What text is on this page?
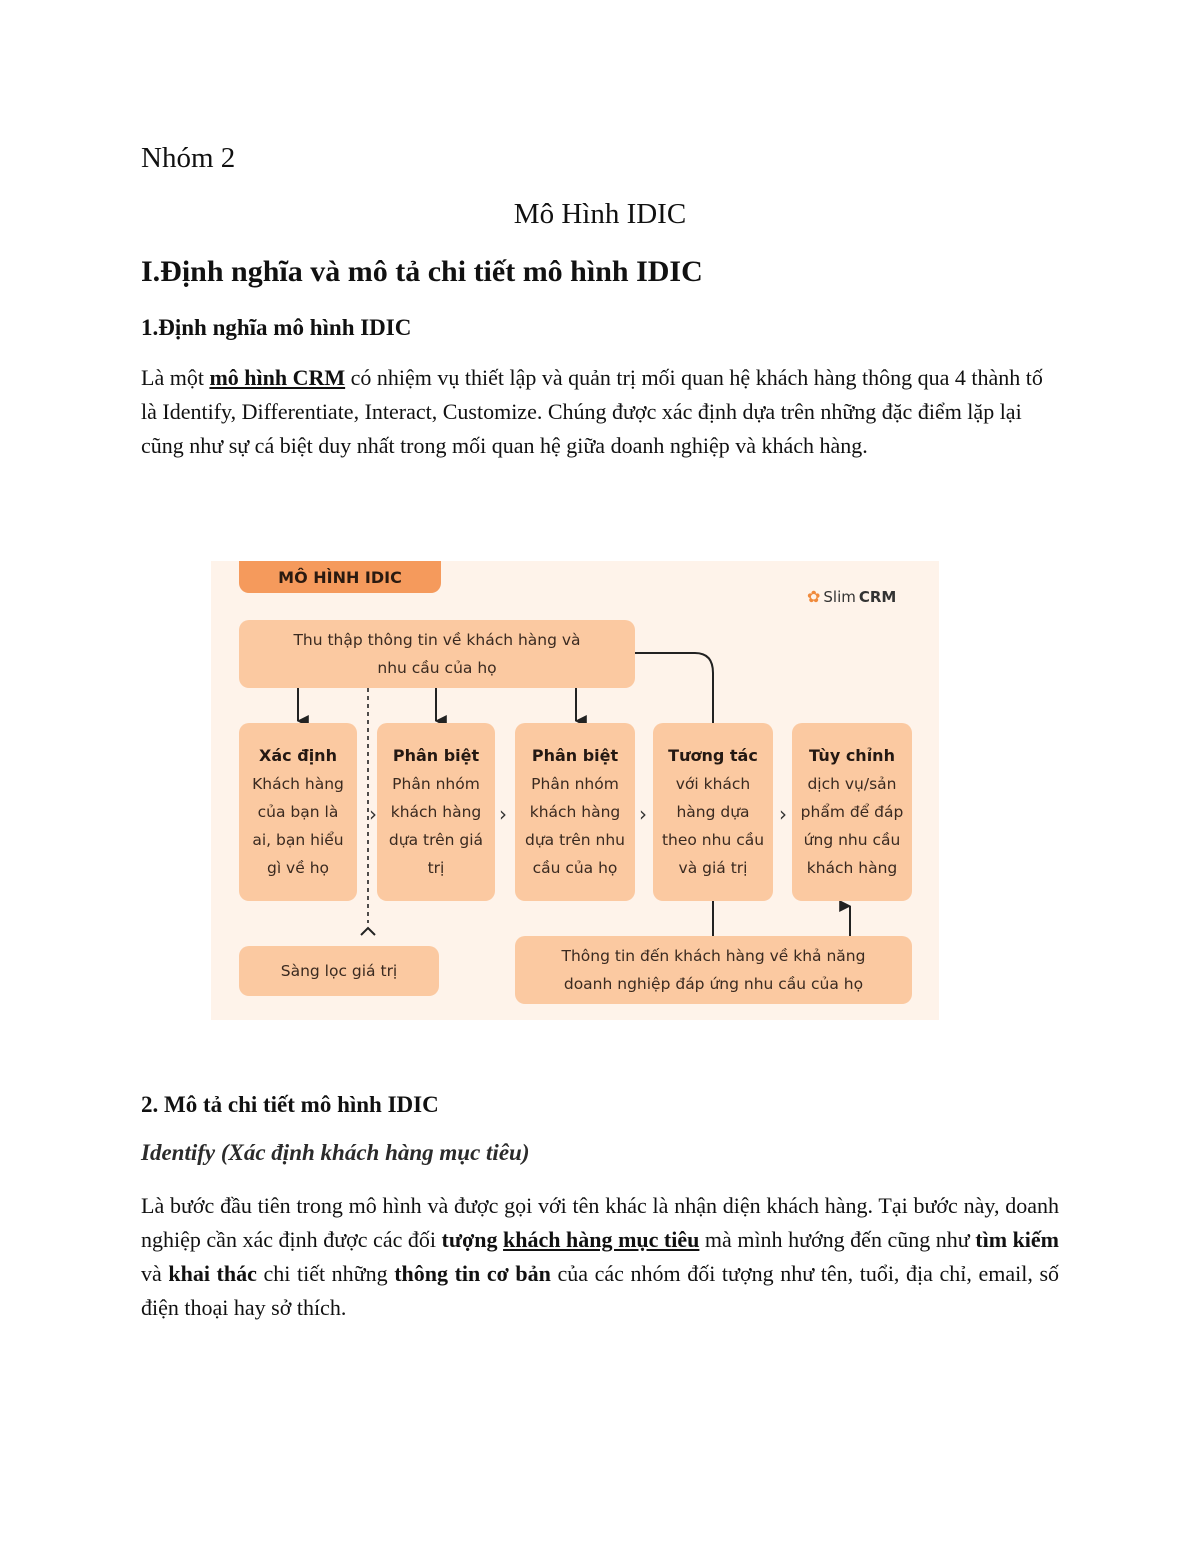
Nhóm 2
Mô Hình IDIC
I.Định nghĩa và mô tả chi tiết mô hình IDIC
1.Định nghĩa mô hình IDIC
Là một mô hình CRM có nhiệm vụ thiết lập và quản trị mối quan hệ khách hàng thông qua 4 thành tố là Identify, Differentiate, Interact, Customize. Chúng được xác định dựa trên những đặc điểm lặp lại cũng như sự cá biệt duy nhất trong mối quan hệ giữa doanh nghiệp và khách hàng.
MÔ HÌNH IDIC
✿ Slim CRM
Thu thập thông tin về khách hàng và
nhu cầu của họ
Xác định
Khách hàng
của bạn là
ai, bạn hiểu
gì về họ
Phân biệt
Phân nhóm
khách hàng
dựa trên giá
trị
Phân biệt
Phân nhóm
khách hàng
dựa trên nhu
cầu của họ
Tương tác
với khách
hàng dựa
theo nhu cầu
và giá trị
Tùy chỉnh
dịch vụ/sản
phẩm để đáp
ứng nhu cầu
khách hàng
›	›	›	›
Sàng lọc giá trị
Thông tin đến khách hàng về khả năng
doanh nghiệp đáp ứng nhu cầu của họ
2. Mô tả chi tiết mô hình IDIC
Identify (Xác định khách hàng mục tiêu)
Là bước đầu tiên trong mô hình và được gọi với tên khác là nhận diện khách hàng. Tại bước này, doanh nghiệp cần xác định được các đối tượng khách hàng mục tiêu mà mình hướng đến cũng như tìm kiếm và khai thác chi tiết những thông tin cơ bản của các nhóm đối tượng như tên, tuổi, địa chỉ, email, số điện thoại hay sở thích.
